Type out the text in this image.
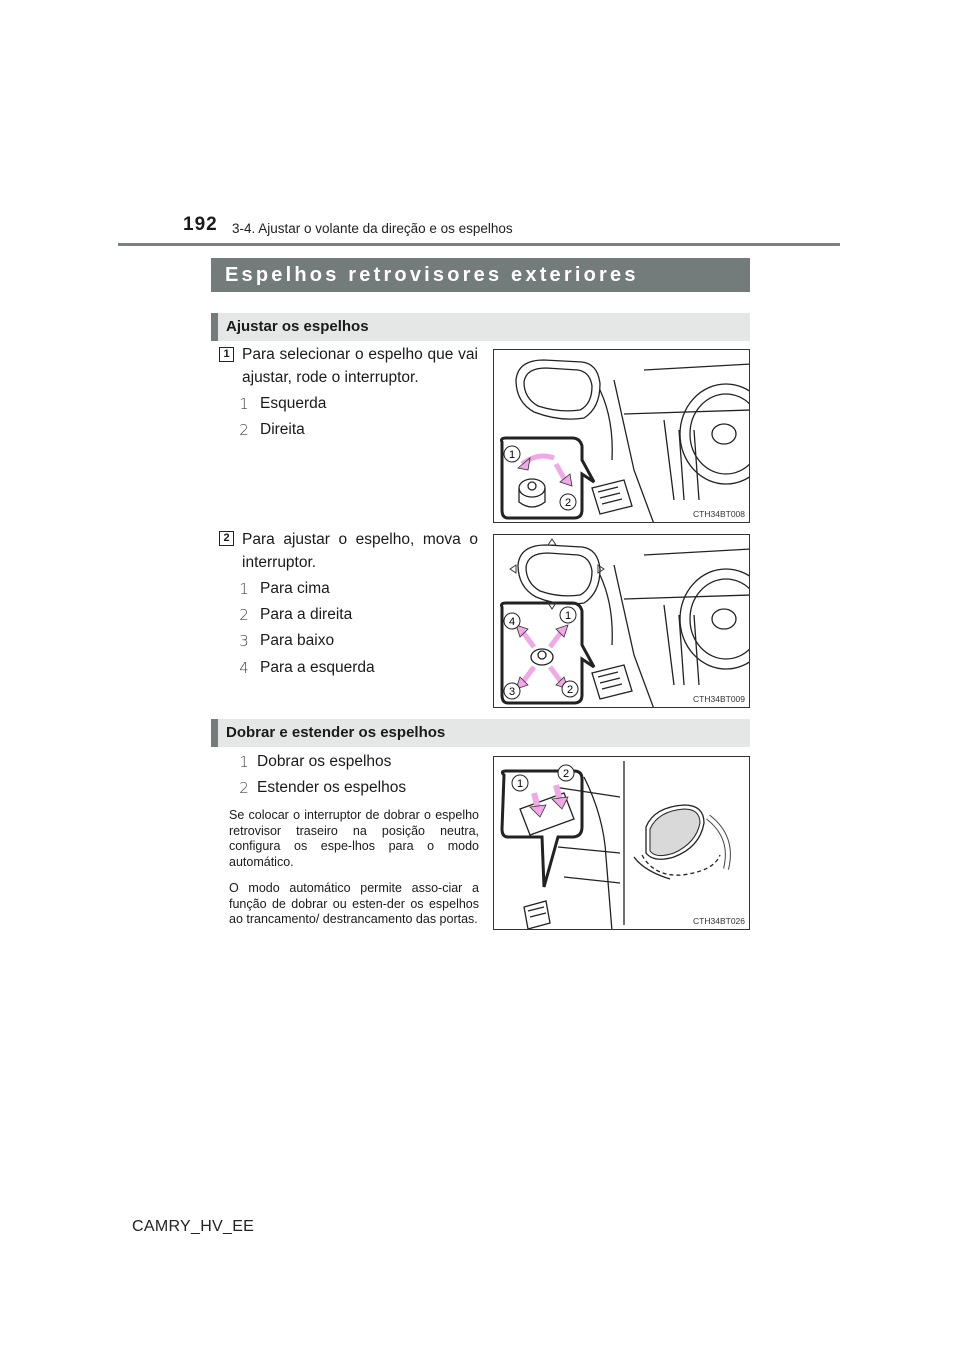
192 3-4. Ajustar o volante da direção e os espelhos
Espelhos retrovisores exteriores
Ajustar os espelhos
1 Para selecionar o espelho que vai ajustar, rode o interruptor.
1 Esquerda
2 Direita
1
2
CTH34BT008
2 Para ajustar o espelho, mova o interruptor.
1 Para cima
2 Para a direita
3 Para baixo
4 Para a esquerda
1
2
3
4
CTH34BT009
Dobrar e estender os espelhos
1 Dobrar os espelhos
2 Estender os espelhos
Se colocar o interruptor de dobrar o espelho retrovisor traseiro na posição neutra, configura os espe-lhos para o modo automático.
O modo automático permite asso-ciar a função de dobrar ou esten-der os espelhos ao trancamento/ destrancamento das portas.
1
2
CTH34BT026
CAMRY_HV_EE
